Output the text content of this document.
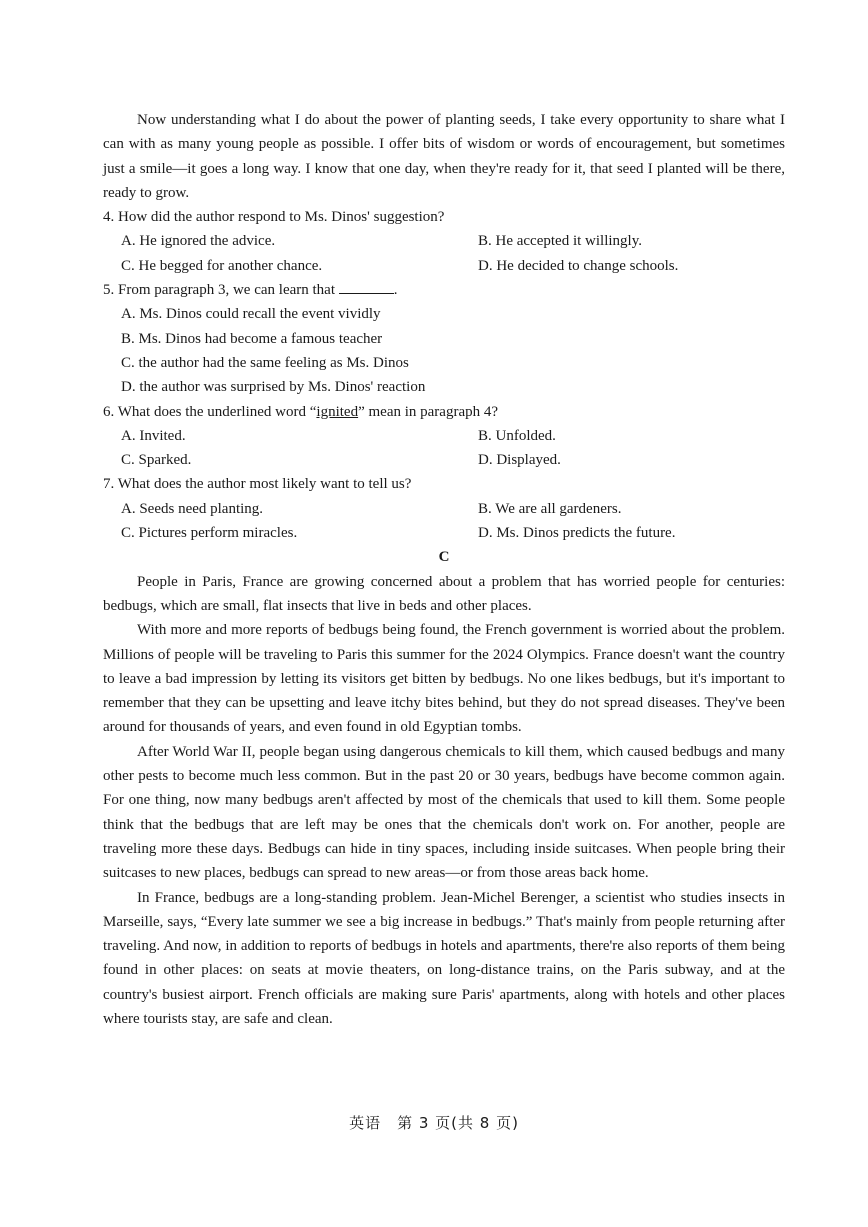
Now understanding what I do about the power of planting seeds, I take every opportunity to share what I can with as many young people as possible. I offer bits of wisdom or words of encouragement, but sometimes just a smile—it goes a long way. I know that one day, when they're ready for it, that seed I planted will be there, ready to grow.

4. How did the author respond to Ms. Dinos' suggestion?

A. He ignored the advice.	B. He accepted it willingly.

C. He begged for another chance.	D. He decided to change schools.

5. From paragraph 3, we can learn that	.

A. Ms. Dinos could recall the event vividly

B. Ms. Dinos had become a famous teacher

C. the author had the same feeling as Ms. Dinos

D. the author was surprised by Ms. Dinos' reaction

6. What does the underlined word “ignited” mean in paragraph 4?

A. Invited.	B. Unfolded.

C. Sparked.	D. Displayed.

7. What does the author most likely want to tell us?

A. Seeds need planting.	B. We are all gardeners.

C. Pictures perform miracles.	D. Ms. Dinos predicts the future.

C

People in Paris, France are growing concerned about a problem that has worried people for centuries: bedbugs, which are small, flat insects that live in beds and other places.

With more and more reports of bedbugs being found, the French government is worried about the problem. Millions of people will be traveling to Paris this summer for the 2024 Olympics. France doesn't want the country to leave a bad impression by letting its visitors get bitten by bedbugs. No one likes bedbugs, but it's important to remember that they can be upsetting and leave itchy bites behind, but they do not spread diseases. They've been around for thousands of years, and even found in old Egyptian tombs.

After World War II, people began using dangerous chemicals to kill them, which caused bedbugs and many other pests to become much less common. But in the past 20 or 30 years, bedbugs have become common again. For one thing, now many bedbugs aren't affected by most of the chemicals that used to kill them. Some people think that the bedbugs that are left may be ones that the chemicals don't work on. For another, people are traveling more these days. Bedbugs can hide in tiny spaces, including inside suitcases. When people bring their suitcases to new places, bedbugs can spread to new areas—or from those areas back home.

In France, bedbugs are a long-standing problem. Jean-Michel Berenger, a scientist who studies insects in Marseille, says, “Every late summer we see a big increase in bedbugs.” That's mainly from people returning after traveling. And now, in addition to reports of bedbugs in hotels and apartments, there're also reports of them being found in other places: on seats at movie theaters, on long-distance trains, on the Paris subway, and at the country's busiest airport. French officials are making sure Paris' apartments, along with hotels and other places where tourists stay, are safe and clean.

英语　第 3 页(共 8 页)
